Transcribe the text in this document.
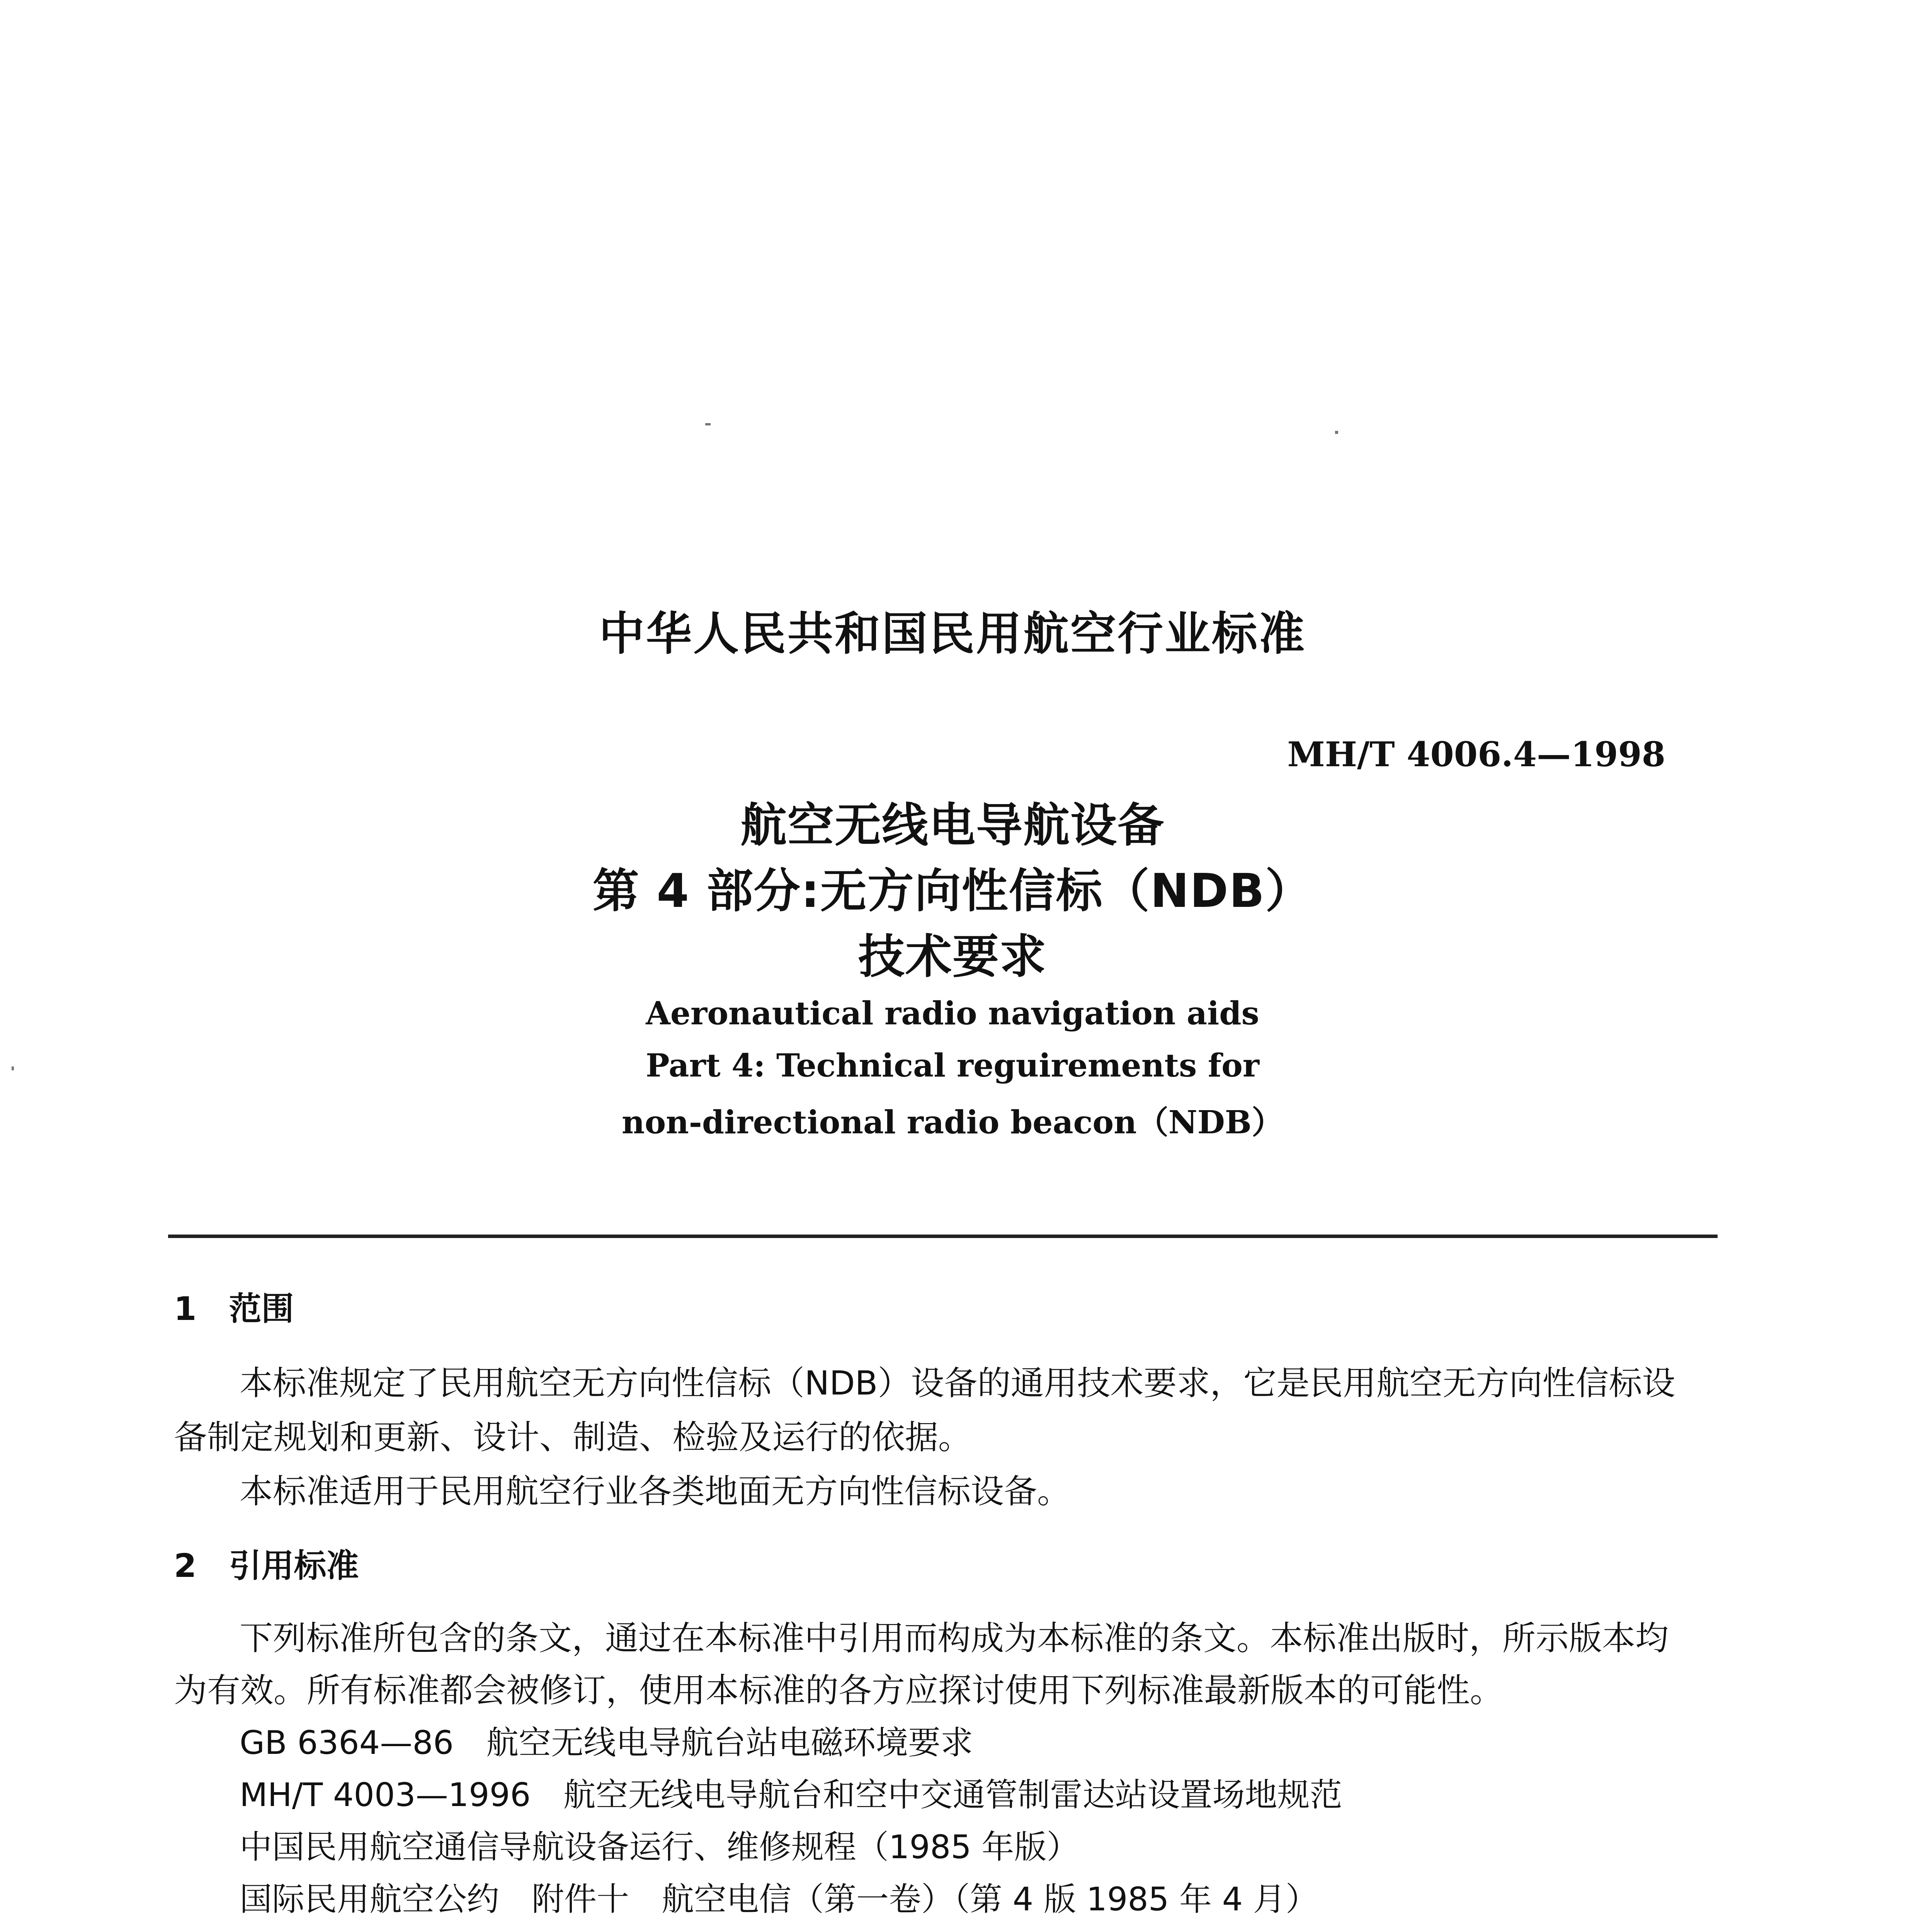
中华人民共和国民用航空行业标准
MH/T 4006.4—1998
航空无线电导航设备
第 4 部分:无方向性信标（NDB）
技术要求
Aeronautical radio navigation aids
Part 4: Technical reguirements for
non-directional radio beacon（NDB）
1　范围
本标准规定了民用航空无方向性信标（NDB）设备的通用技术要求，它是民用航空无方向性信标设
备制定规划和更新、设计、制造、检验及运行的依据。
本标准适用于民用航空行业各类地面无方向性信标设备。
2　引用标准
下列标准所包含的条文，通过在本标准中引用而构成为本标准的条文。本标准出版时，所示版本均
为有效。所有标准都会被修订，使用本标准的各方应探讨使用下列标准最新版本的可能性。
GB 6364—86　航空无线电导航台站电磁环境要求
MH/T 4003—1996　航空无线电导航台和空中交通管制雷达站设置场地规范
中国民用航空通信导航设备运行、维修规程（1985 年版）
国际民用航空公约　附件十　航空电信（第一卷）（第 4 版 1985 年 4 月）
